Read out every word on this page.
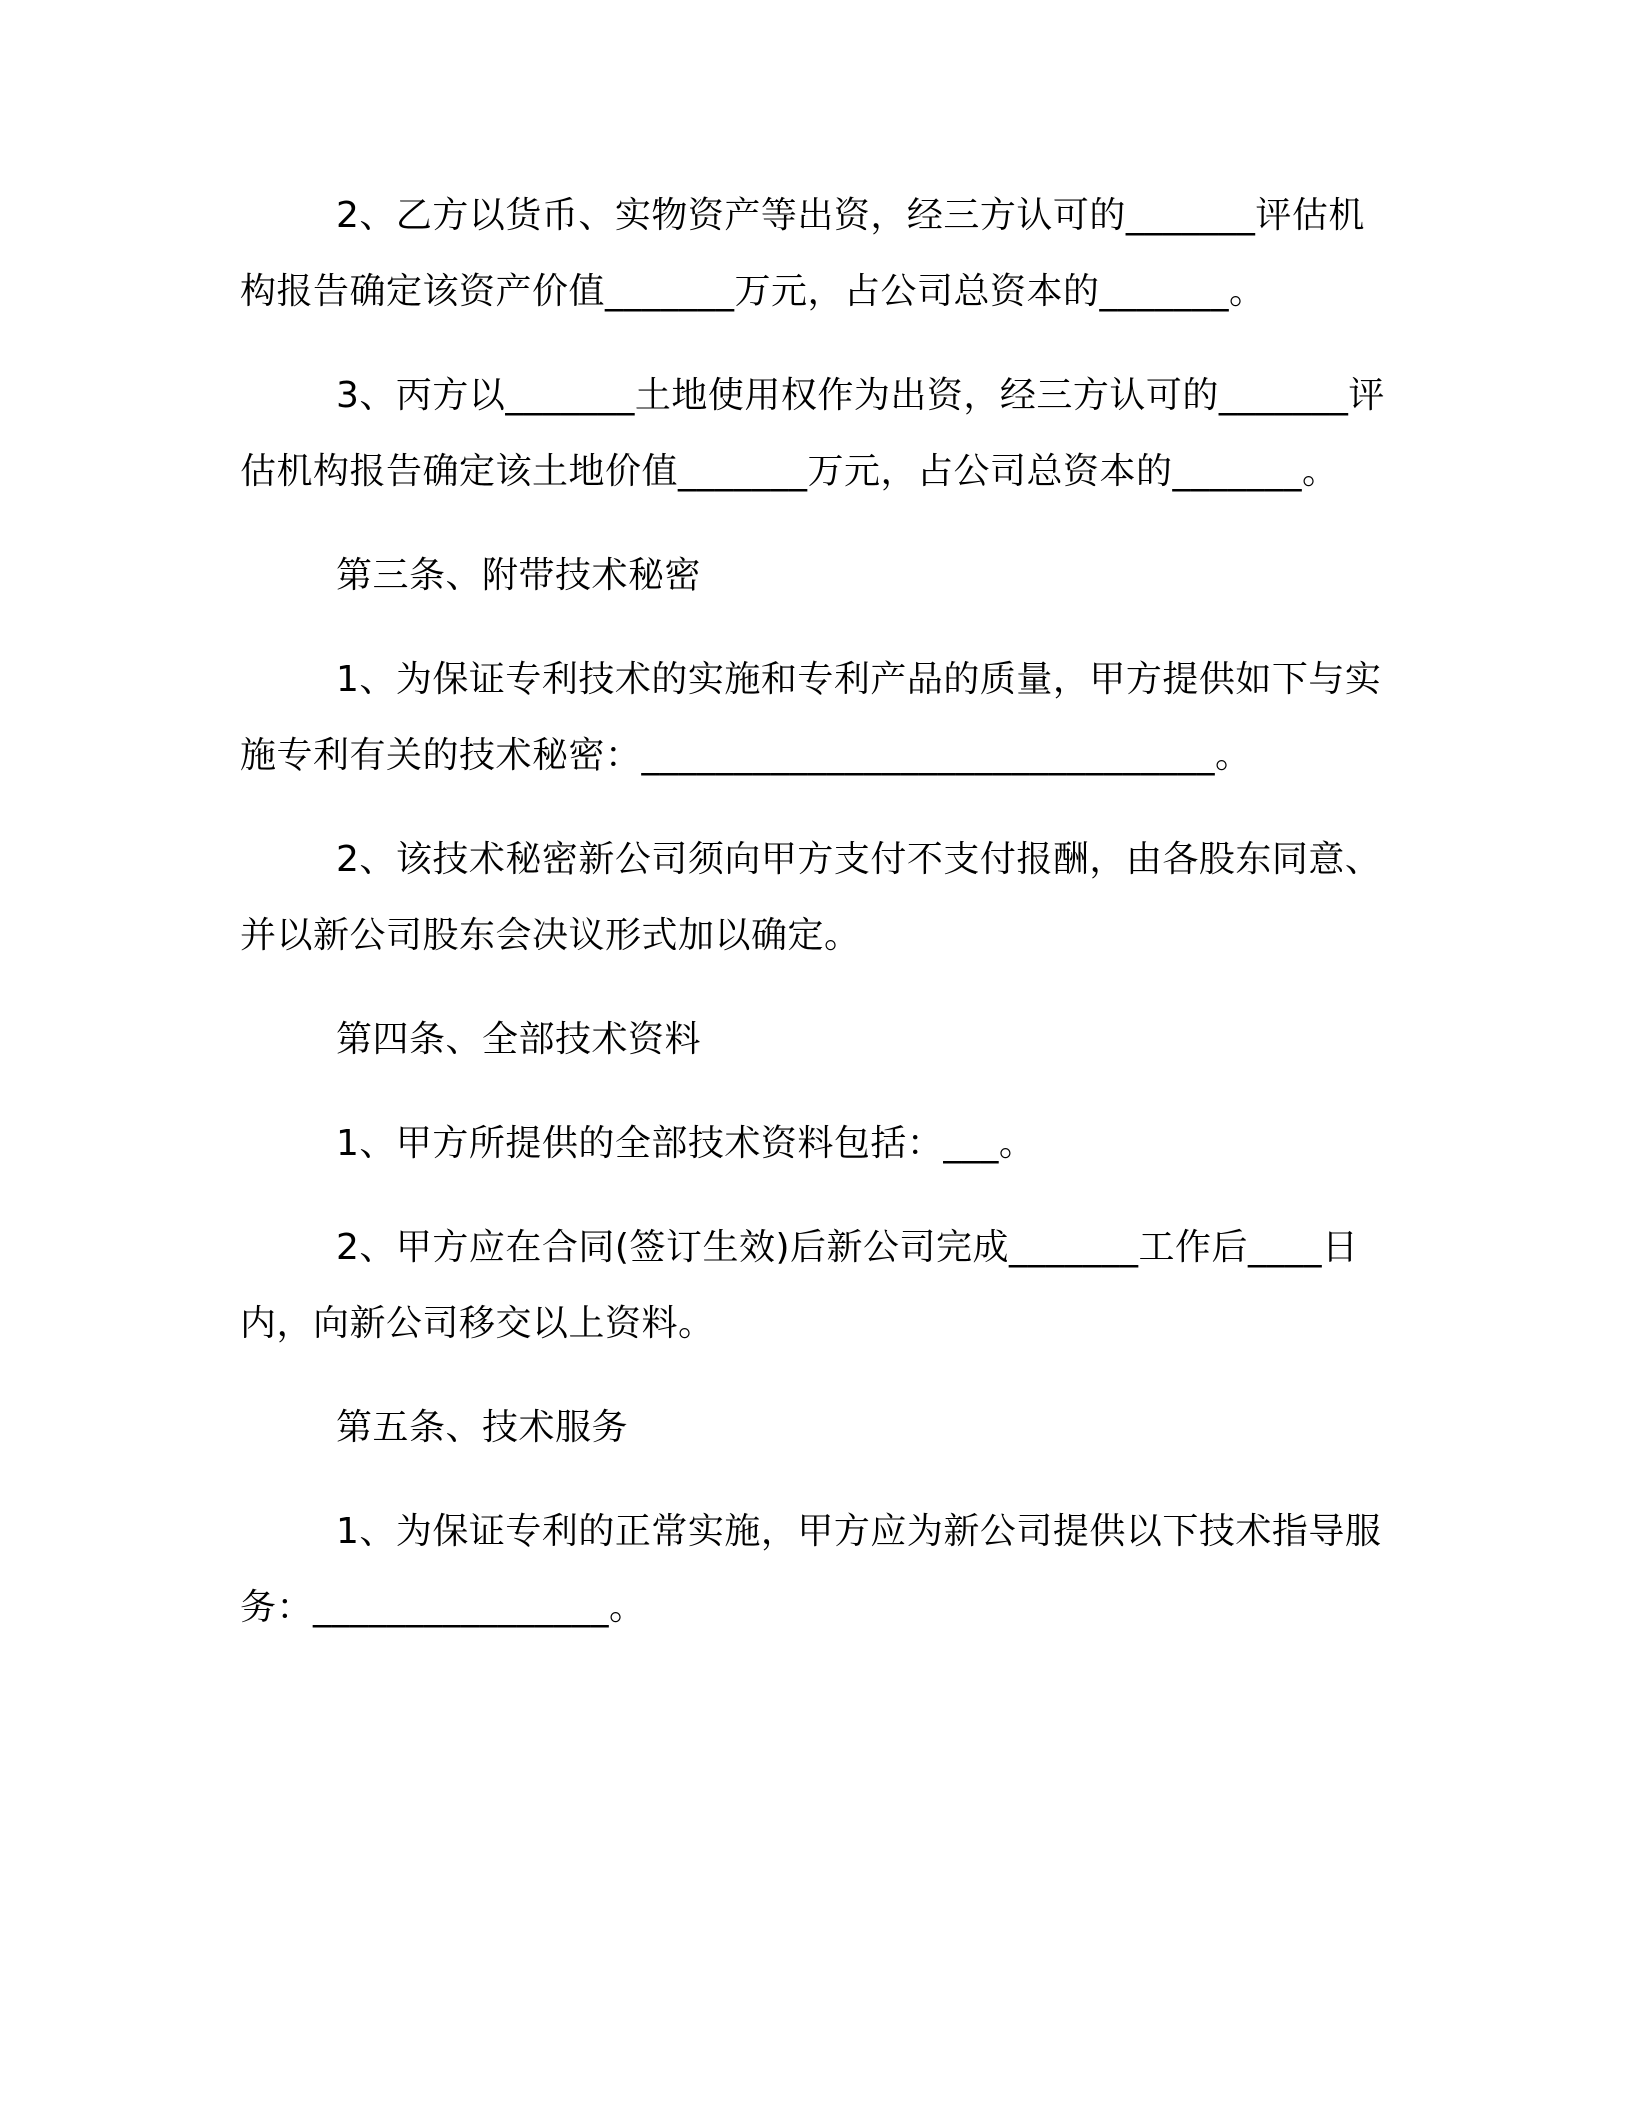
2、乙方以货币、实物资产等出资，经三方认可的_______评估机构报告确定该资产价值_______万元，占公司总资本的_______。

3、丙方以_______土地使用权作为出资，经三方认可的_______评估机构报告确定该土地价值_______万元，占公司总资本的_______。

第三条、附带技术秘密

1、为保证专利技术的实施和专利产品的质量，甲方提供如下与实施专利有关的技术秘密：_______________________________。

2、该技术秘密新公司须向甲方支付不支付报酬，由各股东同意、并以新公司股东会决议形式加以确定。

第四条、全部技术资料

1、甲方所提供的全部技术资料包括：___。

2、甲方应在合同(签订生效)后新公司完成_______工作后____日内，向新公司移交以上资料。

第五条、技术服务

1、为保证专利的正常实施，甲方应为新公司提供以下技术指导服务：________________。
